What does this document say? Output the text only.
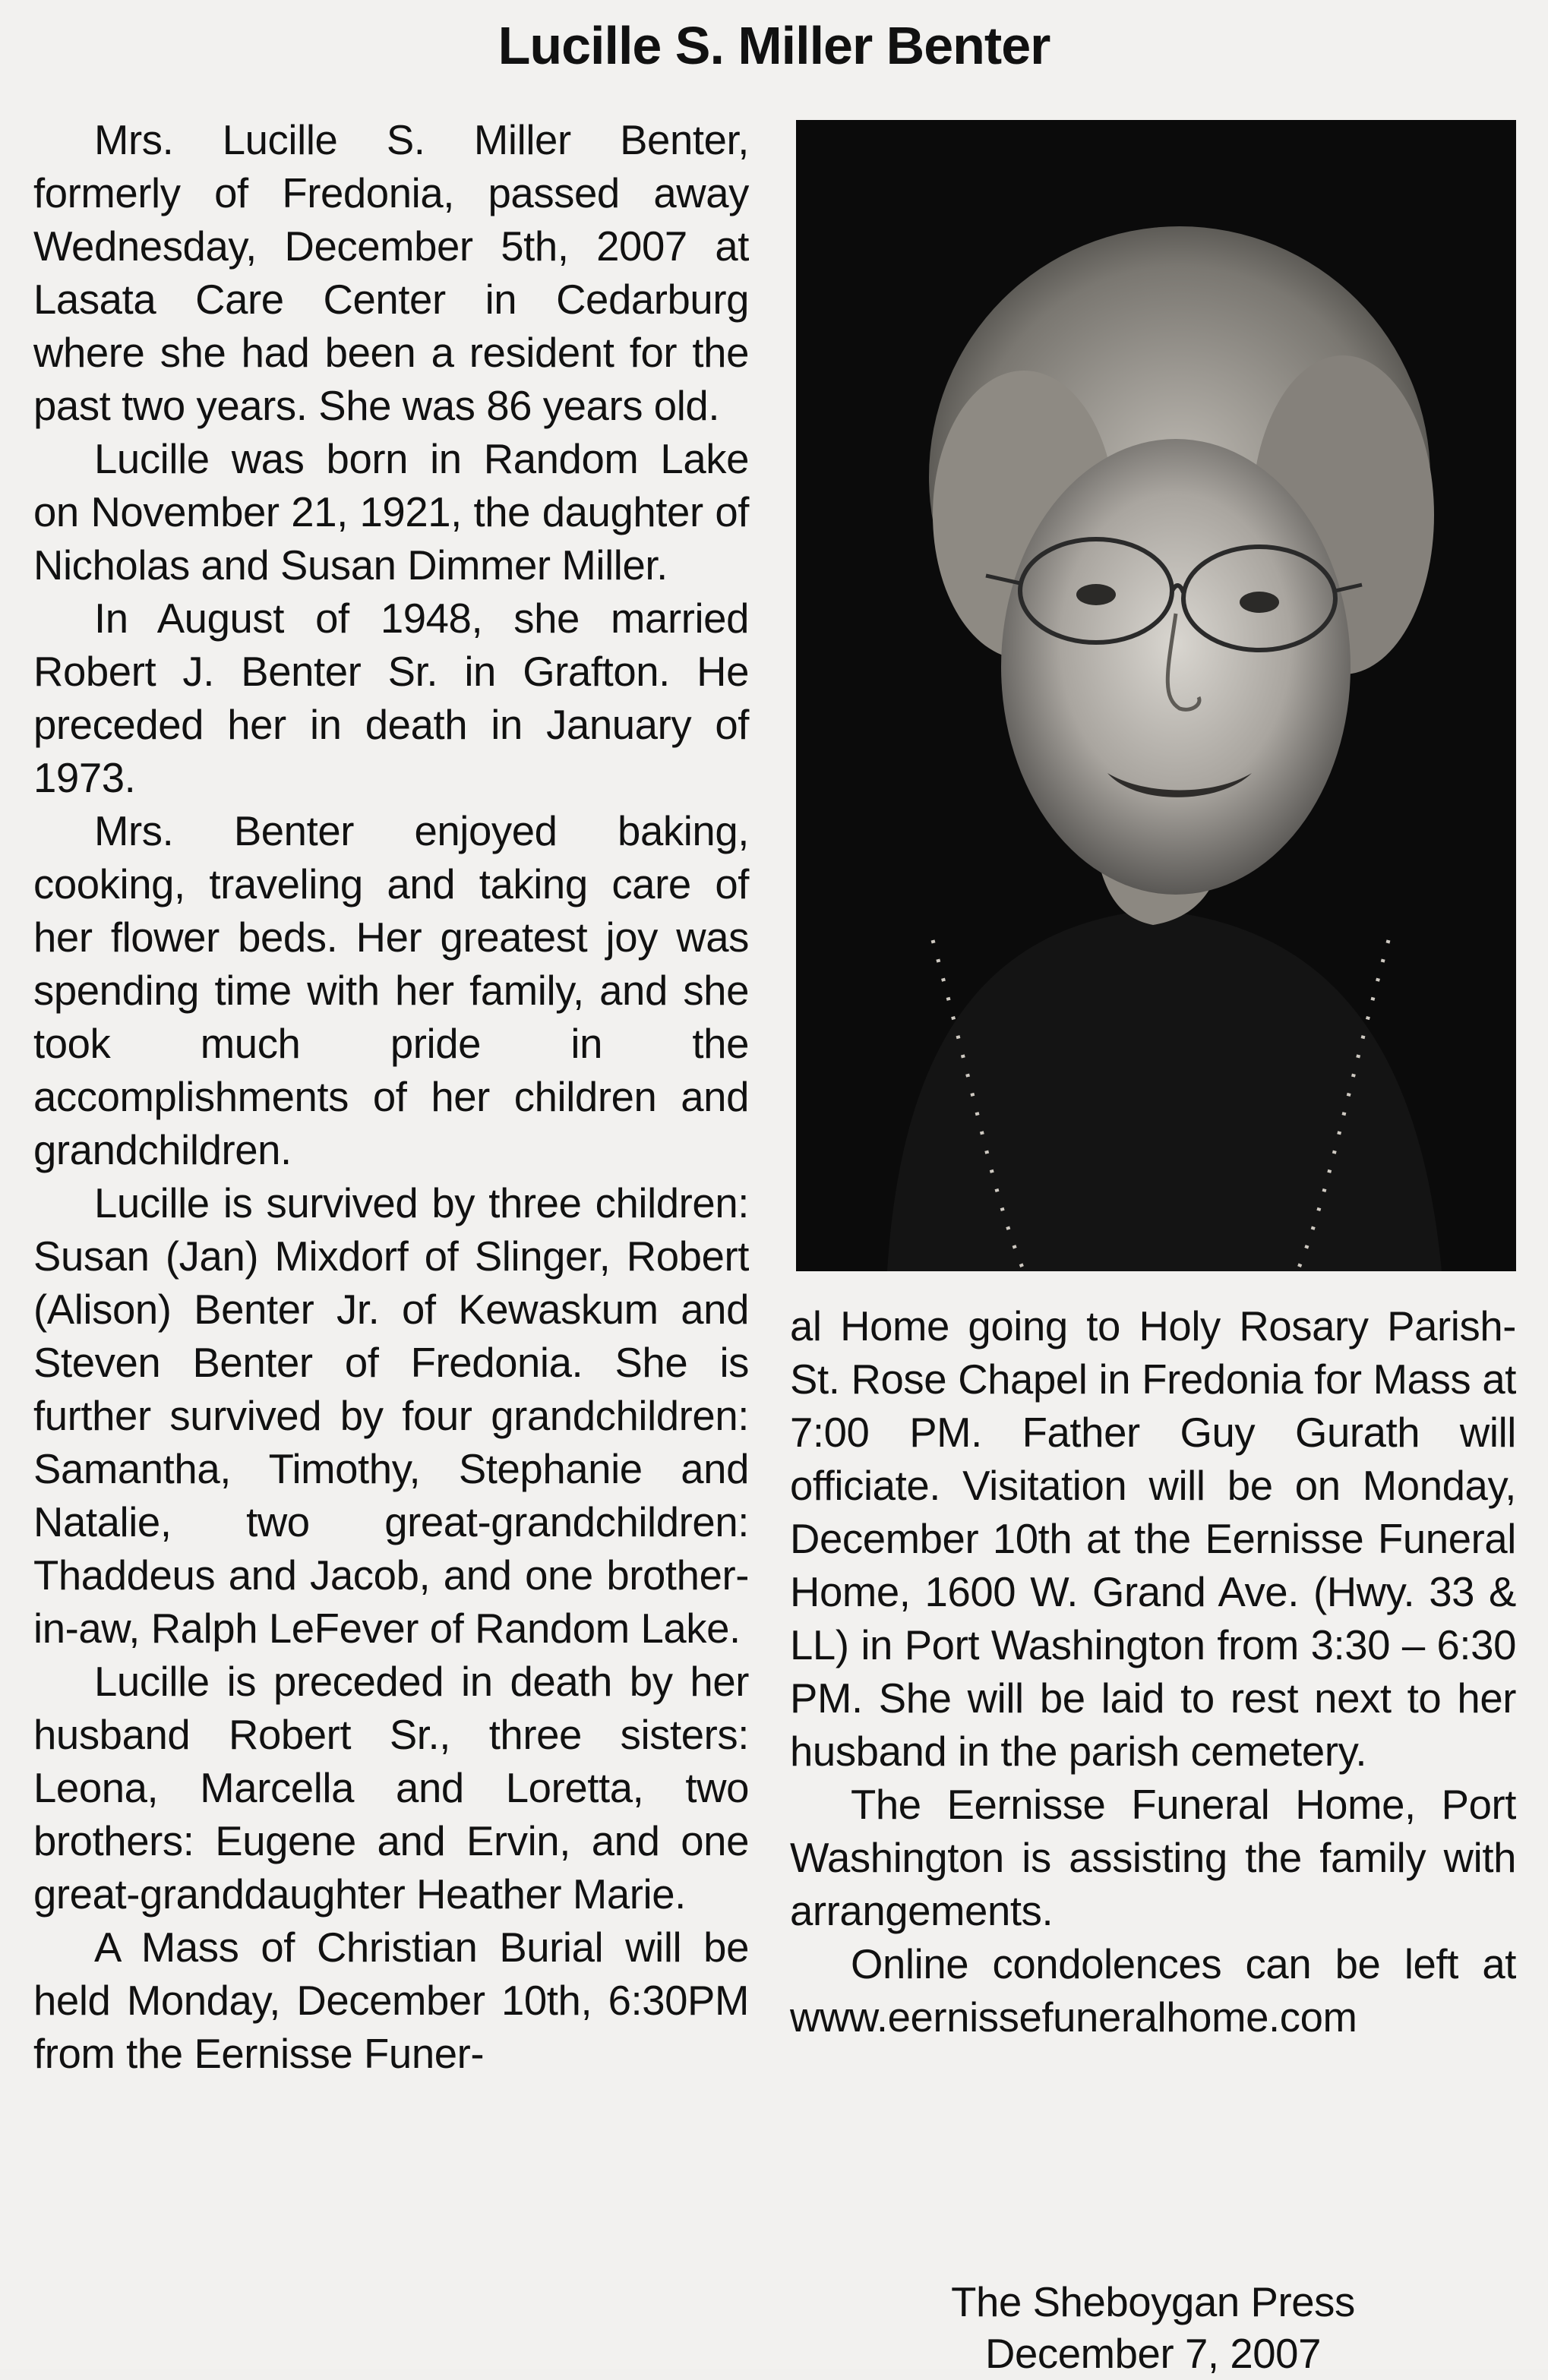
Lucille S. Miller Benter

Mrs. Lucille S. Miller Benter, formerly of Fredonia, passed away Wednesday, December 5th, 2007 at Lasata Care Center in Cedarburg where she had been a resident for the past two years. She was 86 years old.

Lucille was born in Random Lake on November 21, 1921, the daughter of Nicholas and Susan Dimmer Miller.

In August of 1948, she married Robert J. Benter Sr. in Grafton. He preceded her in death in January of 1973.

Mrs. Benter enjoyed baking, cooking, traveling and taking care of her flower beds. Her greatest joy was spending time with her family, and she took much pride in the accomplishments of her children and grandchildren.

Lucille is survived by three children: Susan (Jan) Mixdorf of Slinger, Robert (Alison) Benter Jr. of Kewaskum and Steven Benter of Fredonia. She is further survived by four grandchildren: Samantha, Timothy, Stephanie and Natalie, two great-grandchildren: Thaddeus and Jacob, and one brother-in-aw, Ralph LeFever of Random Lake.

Lucille is preceded in death by her husband Robert Sr., three sisters: Leona, Marcella and Loretta, two brothers: Eugene and Ervin, and one great-granddaughter Heather Marie.

A Mass of Christian Burial will be held Monday, December 10th, 6:30PM from the Eernisse Funer-

al Home going to Holy Rosary Parish-St. Rose Chapel in Fredonia for Mass at 7:00 PM. Father Guy Gurath will officiate. Visitation will be on Monday, December 10th at the Eernisse Funeral Home, 1600 W. Grand Ave. (Hwy. 33 & LL) in Port Washington from 3:30 – 6:30 PM. She will be laid to rest next to her husband in the parish cemetery.

The Eernisse Funeral Home, Port Washington is assisting the family with arrangements.

Online condolences can be left at www.eernissefuneralhome.com

The Sheboygan Press
December 7, 2007
